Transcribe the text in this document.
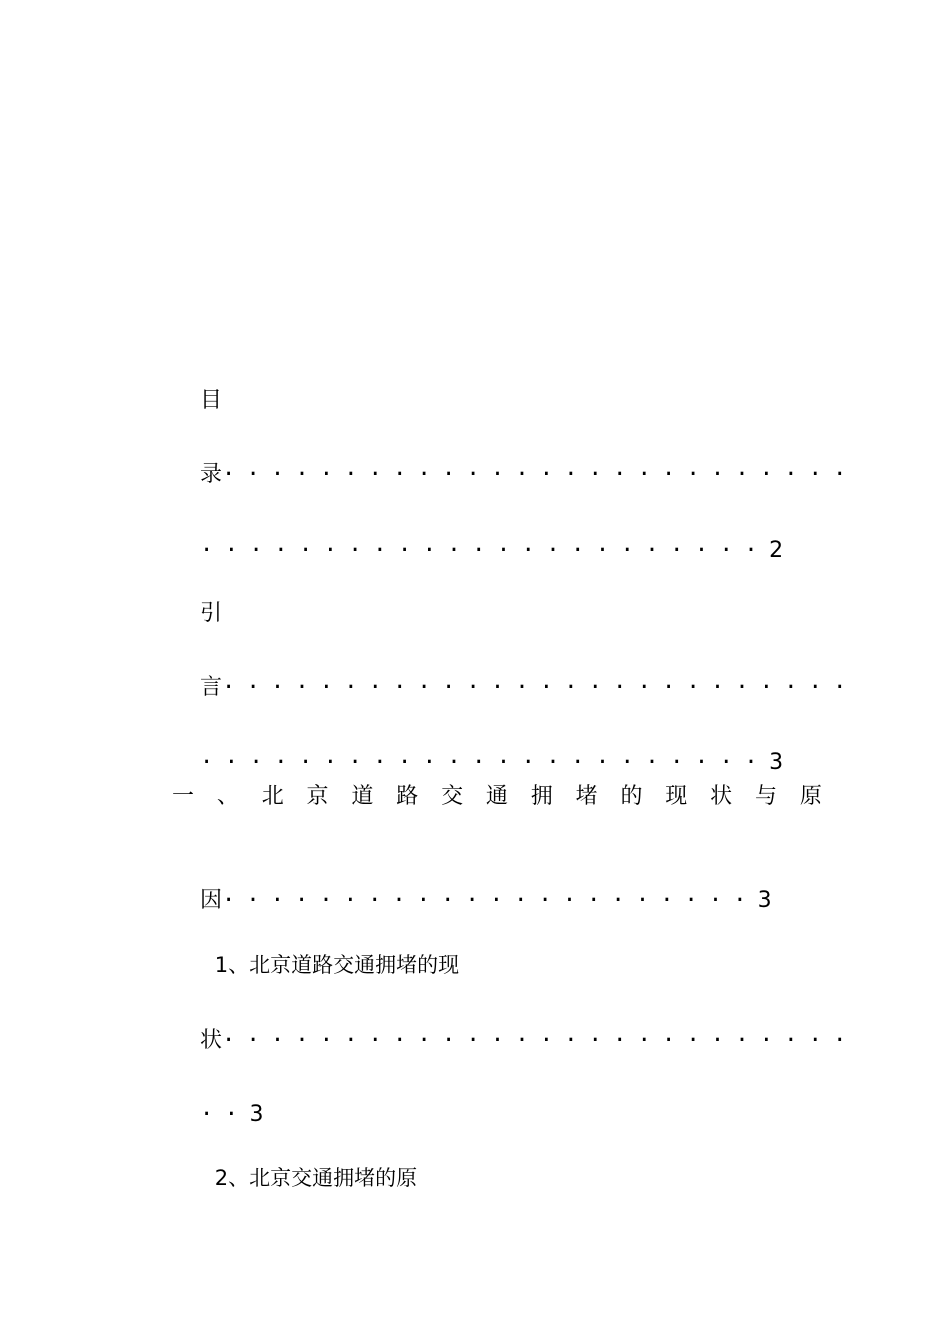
目

录··························

·······················2

引

言··························

·······················3

一 、 北 京 道 路 交 通 拥 堵 的 现 状 与 原

因······················3

1、北京道路交通拥堵的现

状··························

··3

2、北京交通拥堵的原
